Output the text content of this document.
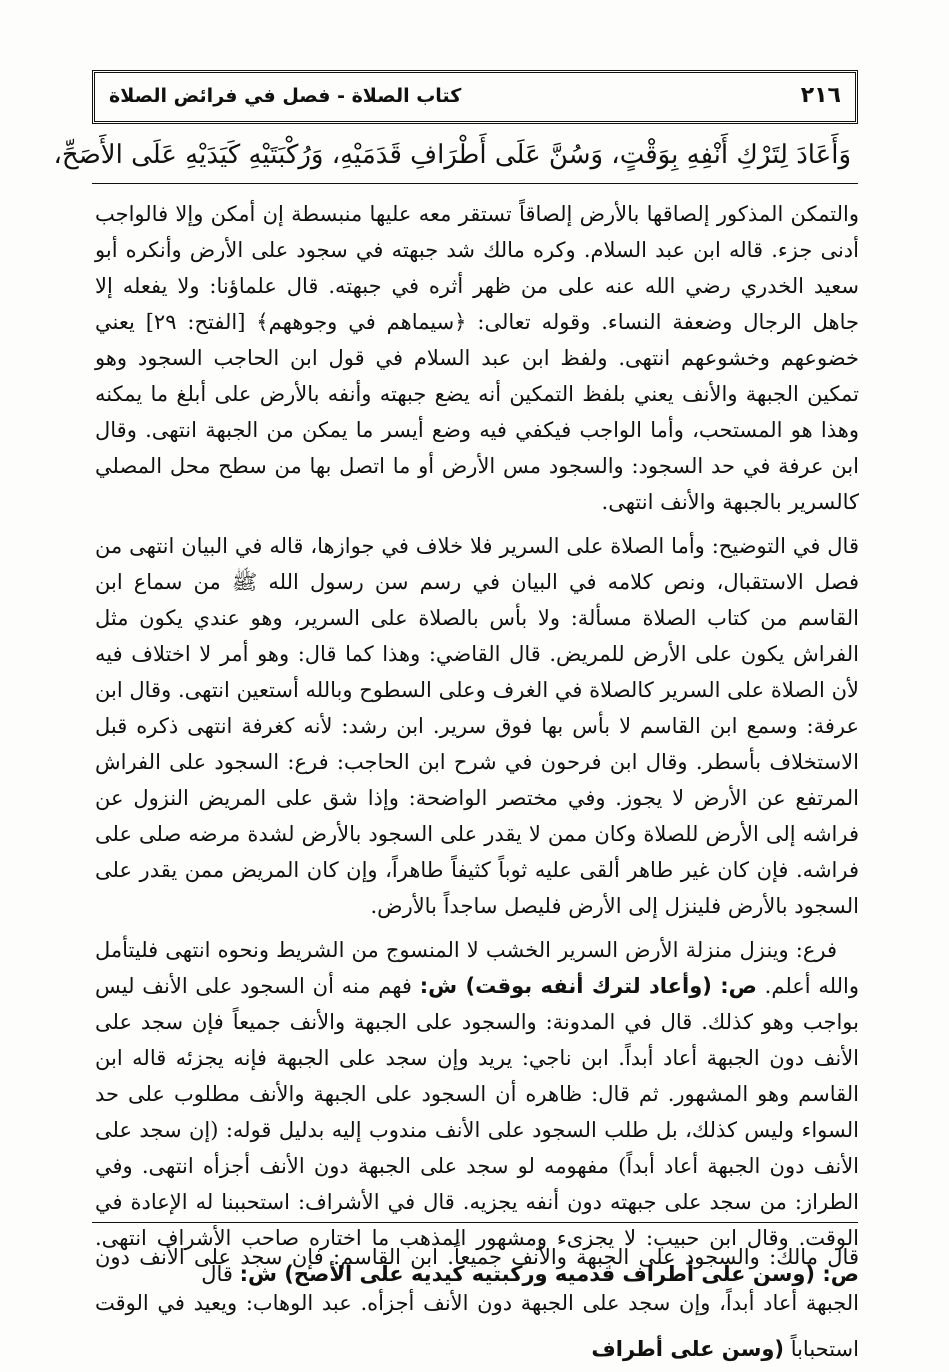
٢١٦
كتاب الصلاة - فصل في فرائض الصلاة
وَأَعَادَ لِتَرْكِ أَنْفِهِ بِوَقْتٍ، وَسُنَّ عَلَى أَطْرَافِ قَدَمَيْهِ، وَرُكْبَتَيْهِ كَيَدَيْهِ عَلَى الأَصَحِّ،

والتمكن المذكور إلصاقها بالأرض إلصاقاً تستقر معه عليها منبسطة إن أمكن وإلا فالواجب أدنى جزء. قاله ابن عبد السلام. وكره مالك شد جبهته في سجود على الأرض وأنكره أبو سعيد الخدري رضي الله عنه على من ظهر أثره في جبهته. قال علماؤنا: ولا يفعله إلا جاهل الرجال وضعفة النساء. وقوله تعالى: ﴿سيماهم في وجوههم﴾ [الفتح: ٢٩] يعني خضوعهم وخشوعهم انتهى. ولفظ ابن عبد السلام في قول ابن الحاجب السجود وهو تمكين الجبهة والأنف يعني بلفظ التمكين أنه يضع جبهته وأنفه بالأرض على أبلغ ما يمكنه وهذا هو المستحب، وأما الواجب فيكفي فيه وضع أيسر ما يمكن من الجبهة انتهى. وقال ابن عرفة في حد السجود: والسجود مس الأرض أو ما اتصل بها من سطح محل المصلي كالسرير بالجبهة والأنف انتهى.

قال في التوضيح: وأما الصلاة على السرير فلا خلاف في جوازها، قاله في البيان انتهى من فصل الاستقبال، ونص كلامه في البيان في رسم سن رسول الله ﷺ من سماع ابن القاسم من كتاب الصلاة مسألة: ولا بأس بالصلاة على السرير، وهو عندي يكون مثل الفراش يكون على الأرض للمريض. قال القاضي: وهذا كما قال: وهو أمر لا اختلاف فيه لأن الصلاة على السرير كالصلاة في الغرف وعلى السطوح وبالله أستعين انتهى. وقال ابن عرفة: وسمع ابن القاسم لا بأس بها فوق سرير. ابن رشد: لأنه كغرفة انتهى ذكره قبل الاستخلاف بأسطر. وقال ابن فرحون في شرح ابن الحاجب: فرع: السجود على الفراش المرتفع عن الأرض لا يجوز. وفي مختصر الواضحة: وإذا شق على المريض النزول عن فراشه إلى الأرض للصلاة وكان ممن لا يقدر على السجود بالأرض لشدة مرضه صلى على فراشه. فإن كان غير طاهر ألقى عليه ثوباً كثيفاً طاهراً، وإن كان المريض ممن يقدر على السجود بالأرض فلينزل إلى الأرض فليصل ساجداً بالأرض.

فرع: وينزل منزلة الأرض السرير الخشب لا المنسوج من الشريط ونحوه انتهى فليتأمل والله أعلم. ص: (وأعاد لترك أنفه بوقت) ش: فهم منه أن السجود على الأنف ليس بواجب وهو كذلك. قال في المدونة: والسجود على الجبهة والأنف جميعاً فإن سجد على الأنف دون الجبهة أعاد أبداً. ابن ناجي: يريد وإن سجد على الجبهة فإنه يجزئه قاله ابن القاسم وهو المشهور. ثم قال: ظاهره أن السجود على الجبهة والأنف مطلوب على حد السواء وليس كذلك، بل طلب السجود على الأنف مندوب إليه بدليل قوله: (إن سجد على الأنف دون الجبهة أعاد أبداً) مفهومه لو سجد على الجبهة دون الأنف أجزأه انتهى. وفي الطراز: من سجد على جبهته دون أنفه يجزيه. قال في الأشراف: استحببنا له الإعادة في الوقت. وقال ابن حبيب: لا يجزىء ومشهور المذهب ما اختاره صاحب الأشراف انتهى. ص: (وسن على أطراف قدميه وركبتيه كيديه على الأصح) ش: قال

قال مالك: والسجود على الجبهة والأنف جميعاً. ابن القاسم: فإن سجد على الأنف دون الجبهة أعاد أبداً، وإن سجد على الجبهة دون الأنف أجزأه. عبد الوهاب: ويعيد في الوقت استحباباً (وسن على أطراف
